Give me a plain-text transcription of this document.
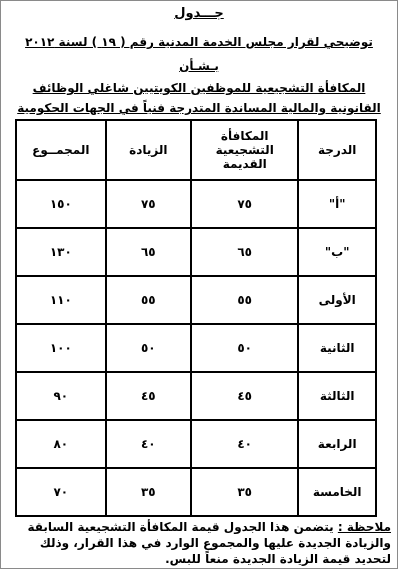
جـــدول
توضيحي لقرار مجلس الخدمة المدنية رقم ( ١٩ ) لسنة ٢٠١٢
بـشـأن
المكافأة التشجيعية للموظفين الكويتيين شاغلي الوظائف
القانونية والمالية المساندة المتدرجة فنياً في الجهات الحكومية
الدرجة	المكافأة التشجيعية القديمة	الزيادة	المجمــوع
"أ"	٧٥	٧٥	١٥٠
"ب"	٦٥	٦٥	١٣٠
الأولى	٥٥	٥٥	١١٠
الثانية	٥٠	٥٠	١٠٠
الثالثة	٤٥	٤٥	٩٠
الرابعة	٤٠	٤٠	٨٠
الخامسة	٣٥	٣٥	٧٠
ملاحظة : يتضمن هذا الجدول قيمة المكافأة التشجيعية السابقة والزيادة الجديدة عليها والمجموع الوارد في هذا القرار، وذلك لتحديد قيمة الزيادة الجديدة منعاً للبس.
